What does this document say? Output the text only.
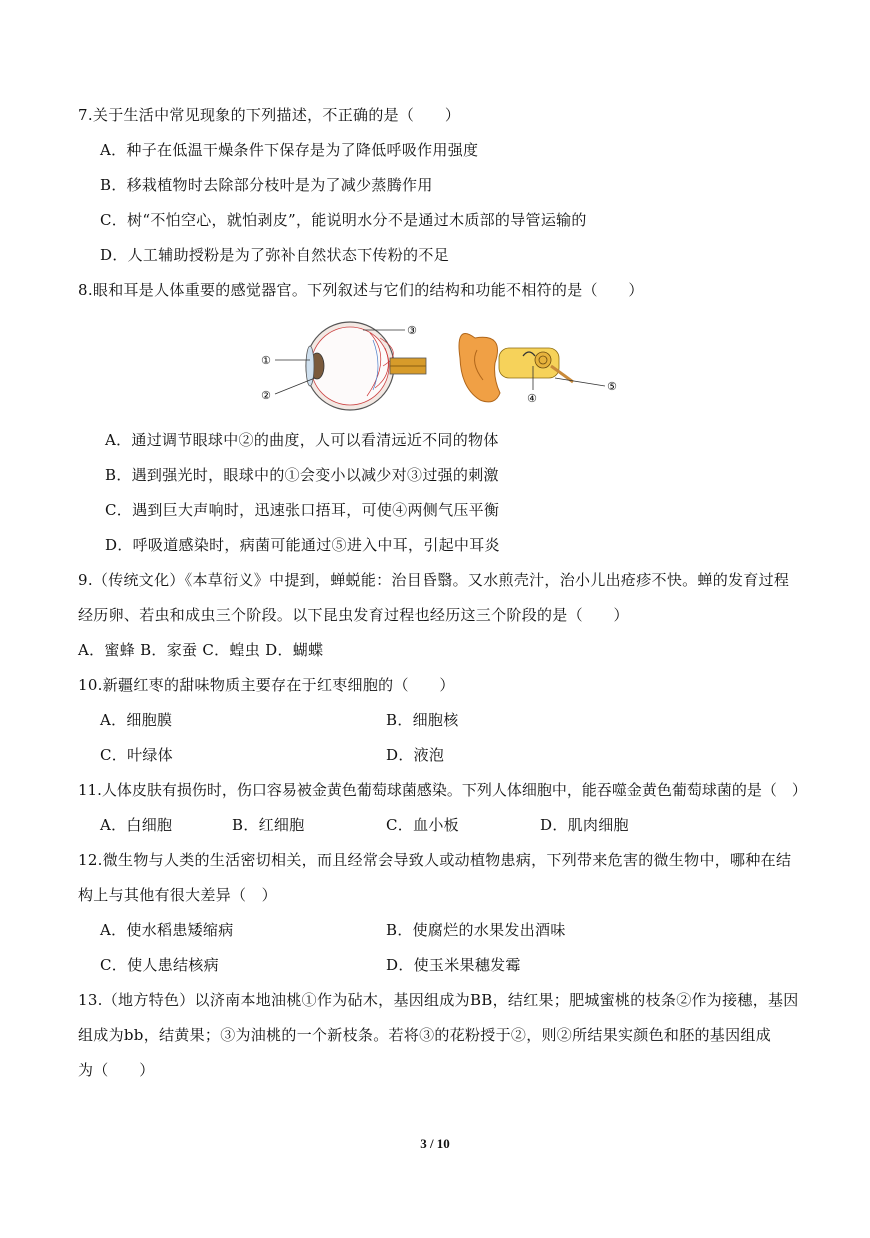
7.关于生活中常见现象的下列描述，不正确的是（　　）
A．种子在低温干燥条件下保存是为了降低呼吸作用强度
B．移栽植物时去除部分枝叶是为了减少蒸腾作用
C．树“不怕空心，就怕剥皮”，能说明水分不是通过木质部的导管运输的
D．人工辅助授粉是为了弥补自然状态下传粉的不足
8.眼和耳是人体重要的感觉器官。下列叙述与它们的结构和功能不相符的是（　　）
①
②
③
④
⑤
A．通过调节眼球中②的曲度，人可以看清远近不同的物体
B．遇到强光时，眼球中的①会变小以减少对③过强的刺激
C．遇到巨大声响时，迅速张口捂耳，可使④两侧气压平衡
D．呼吸道感染时，病菌可能通过⑤进入中耳，引起中耳炎
9.（传统文化）《本草衍义》中提到，蝉蜕能：治目昏翳。又水煎壳汁，治小儿出疮疹不快。蝉的发育过程
经历卵、若虫和成虫三个阶段。以下昆虫发育过程也经历这三个阶段的是（　　）
A．蜜蜂 B．家蚕 C．蝗虫 D．蝴蝶
10.新疆红枣的甜味物质主要存在于红枣细胞的（　　）
A．细胞膜	B．细胞核
C．叶绿体	D．液泡
11.人体皮肤有损伤时，伤口容易被金黄色葡萄球菌感染。下列人体细胞中，能吞噬金黄色葡萄球菌的是（　）
A．白细胞	B．红细胞	C．血小板	D．肌肉细胞
12.微生物与人类的生活密切相关，而且经常会导致人或动植物患病，下列带来危害的微生物中，哪种在结
构上与其他有很大差异（　）
A．使水稻患矮缩病	B．使腐烂的水果发出酒味
C．使人患结核病	D．使玉米果穗发霉
13.（地方特色）以济南本地油桃①作为砧木，基因组成为BB，结红果；肥城蜜桃的枝条②作为接穗，基因
组成为bb，结黄果；③为油桃的一个新枝条。若将③的花粉授于②，则②所结果实颜色和胚的基因组成
为（　　）
3 / 10
